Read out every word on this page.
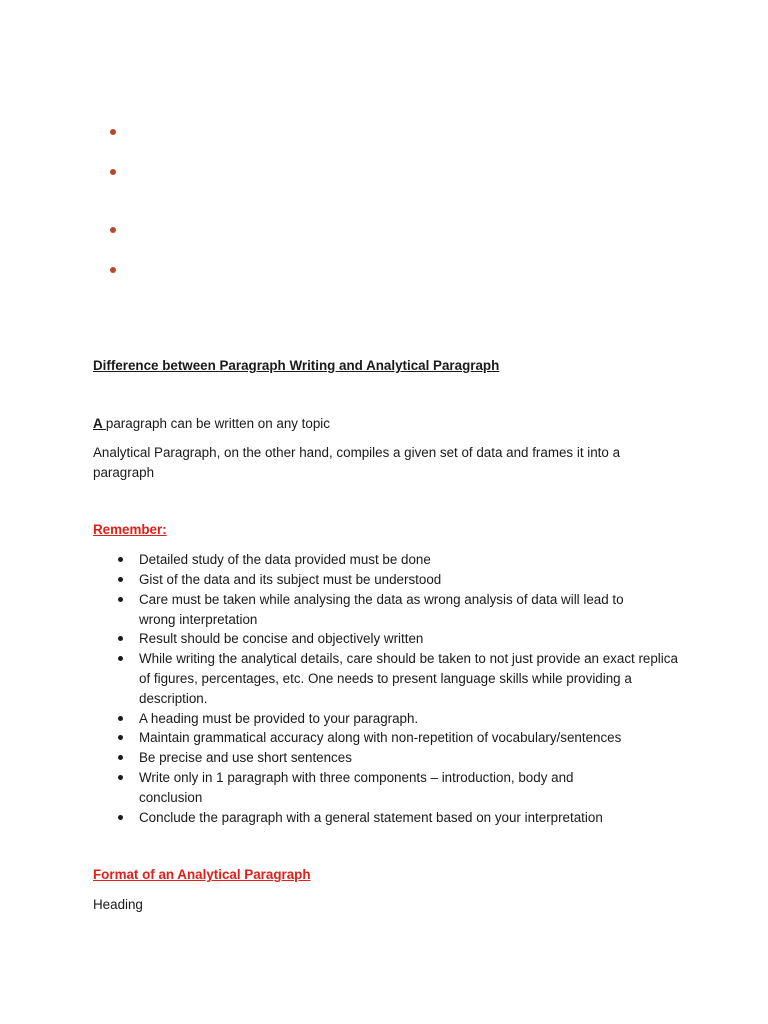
Difference between Paragraph Writing and Analytical Paragraph

A paragraph can be written on any topic

Analytical Paragraph, on the other hand, compiles a given set of data and frames it into a paragraph

Remember:

Detailed study of the data provided must be done
Gist of the data and its subject must be understood
Care must be taken while analysing the data as wrong analysis of data will lead to wrong interpretation
Result should be concise and objectively written
While writing the analytical details, care should be taken to not just provide an exact replica of figures, percentages, etc. One needs to present language skills while providing a description.
A heading must be provided to your paragraph.
Maintain grammatical accuracy along with non-repetition of vocabulary/sentences
Be precise and use short sentences
Write only in 1 paragraph with three components – introduction, body and conclusion
Conclude the paragraph with a general statement based on your interpretation

Format of an Analytical Paragraph

Heading
